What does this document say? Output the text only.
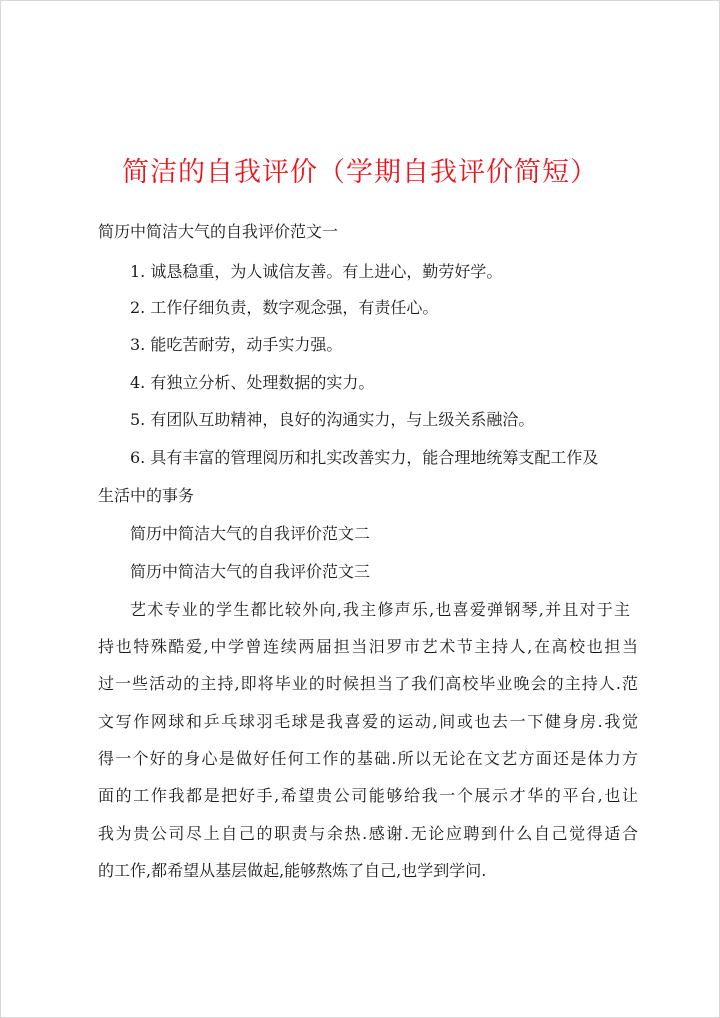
简洁的自我评价（学期自我评价简短）
简历中简洁大气的自我评价范文一
1. 诚恳稳重，为人诚信友善。有上进心，勤劳好学。
2. 工作仔细负责，数字观念强，有责任心。
3. 能吃苦耐劳，动手实力强。
4. 有独立分析、处理数据的实力。
5. 有团队互助精神，良好的沟通实力，与上级关系融洽。
6. 具有丰富的管理阅历和扎实改善实力，能合理地统筹支配工作及
生活中的事务
简历中简洁大气的自我评价范文二
简历中简洁大气的自我评价范文三
艺术专业的学生都比较外向,我主修声乐,也喜爱弹钢琴,并且对于主
持也特殊酷爱,中学曾连续两届担当汨罗市艺术节主持人,在高校也担当
过一些活动的主持,即将毕业的时候担当了我们高校毕业晚会的主持人.范
文写作网球和乒乓球羽毛球是我喜爱的运动,间或也去一下健身房.我觉
得一个好的身心是做好任何工作的基础.所以无论在文艺方面还是体力方
面的工作我都是把好手,希望贵公司能够给我一个展示才华的平台,也让
我为贵公司尽上自己的职责与余热.感谢.无论应聘到什么自己觉得适合
的工作,都希望从基层做起,能够熬炼了自己,也学到学问.
